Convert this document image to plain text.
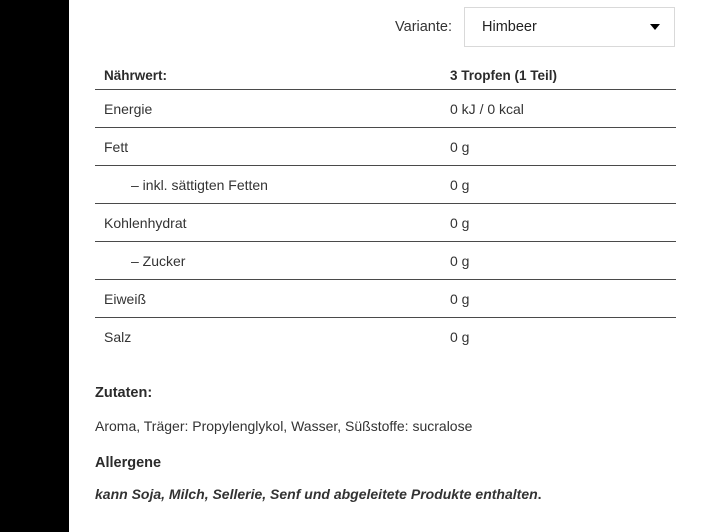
Variante:	Himbeer
Nährwert:	3 Tropfen (1 Teil)
Energie	0 kJ / 0 kcal
Fett	0 g
– inkl. sättigten Fetten	0 g
Kohlenhydrat	0 g
– Zucker	0 g
Eiweiß	0 g
Salz	0 g

Zutaten:

Aroma, Träger: Propylenglykol, Wasser, Süßstoffe: sucralose

Allergene

kann Soja, Milch, Sellerie, Senf und abgeleitete Produkte enthalten.
